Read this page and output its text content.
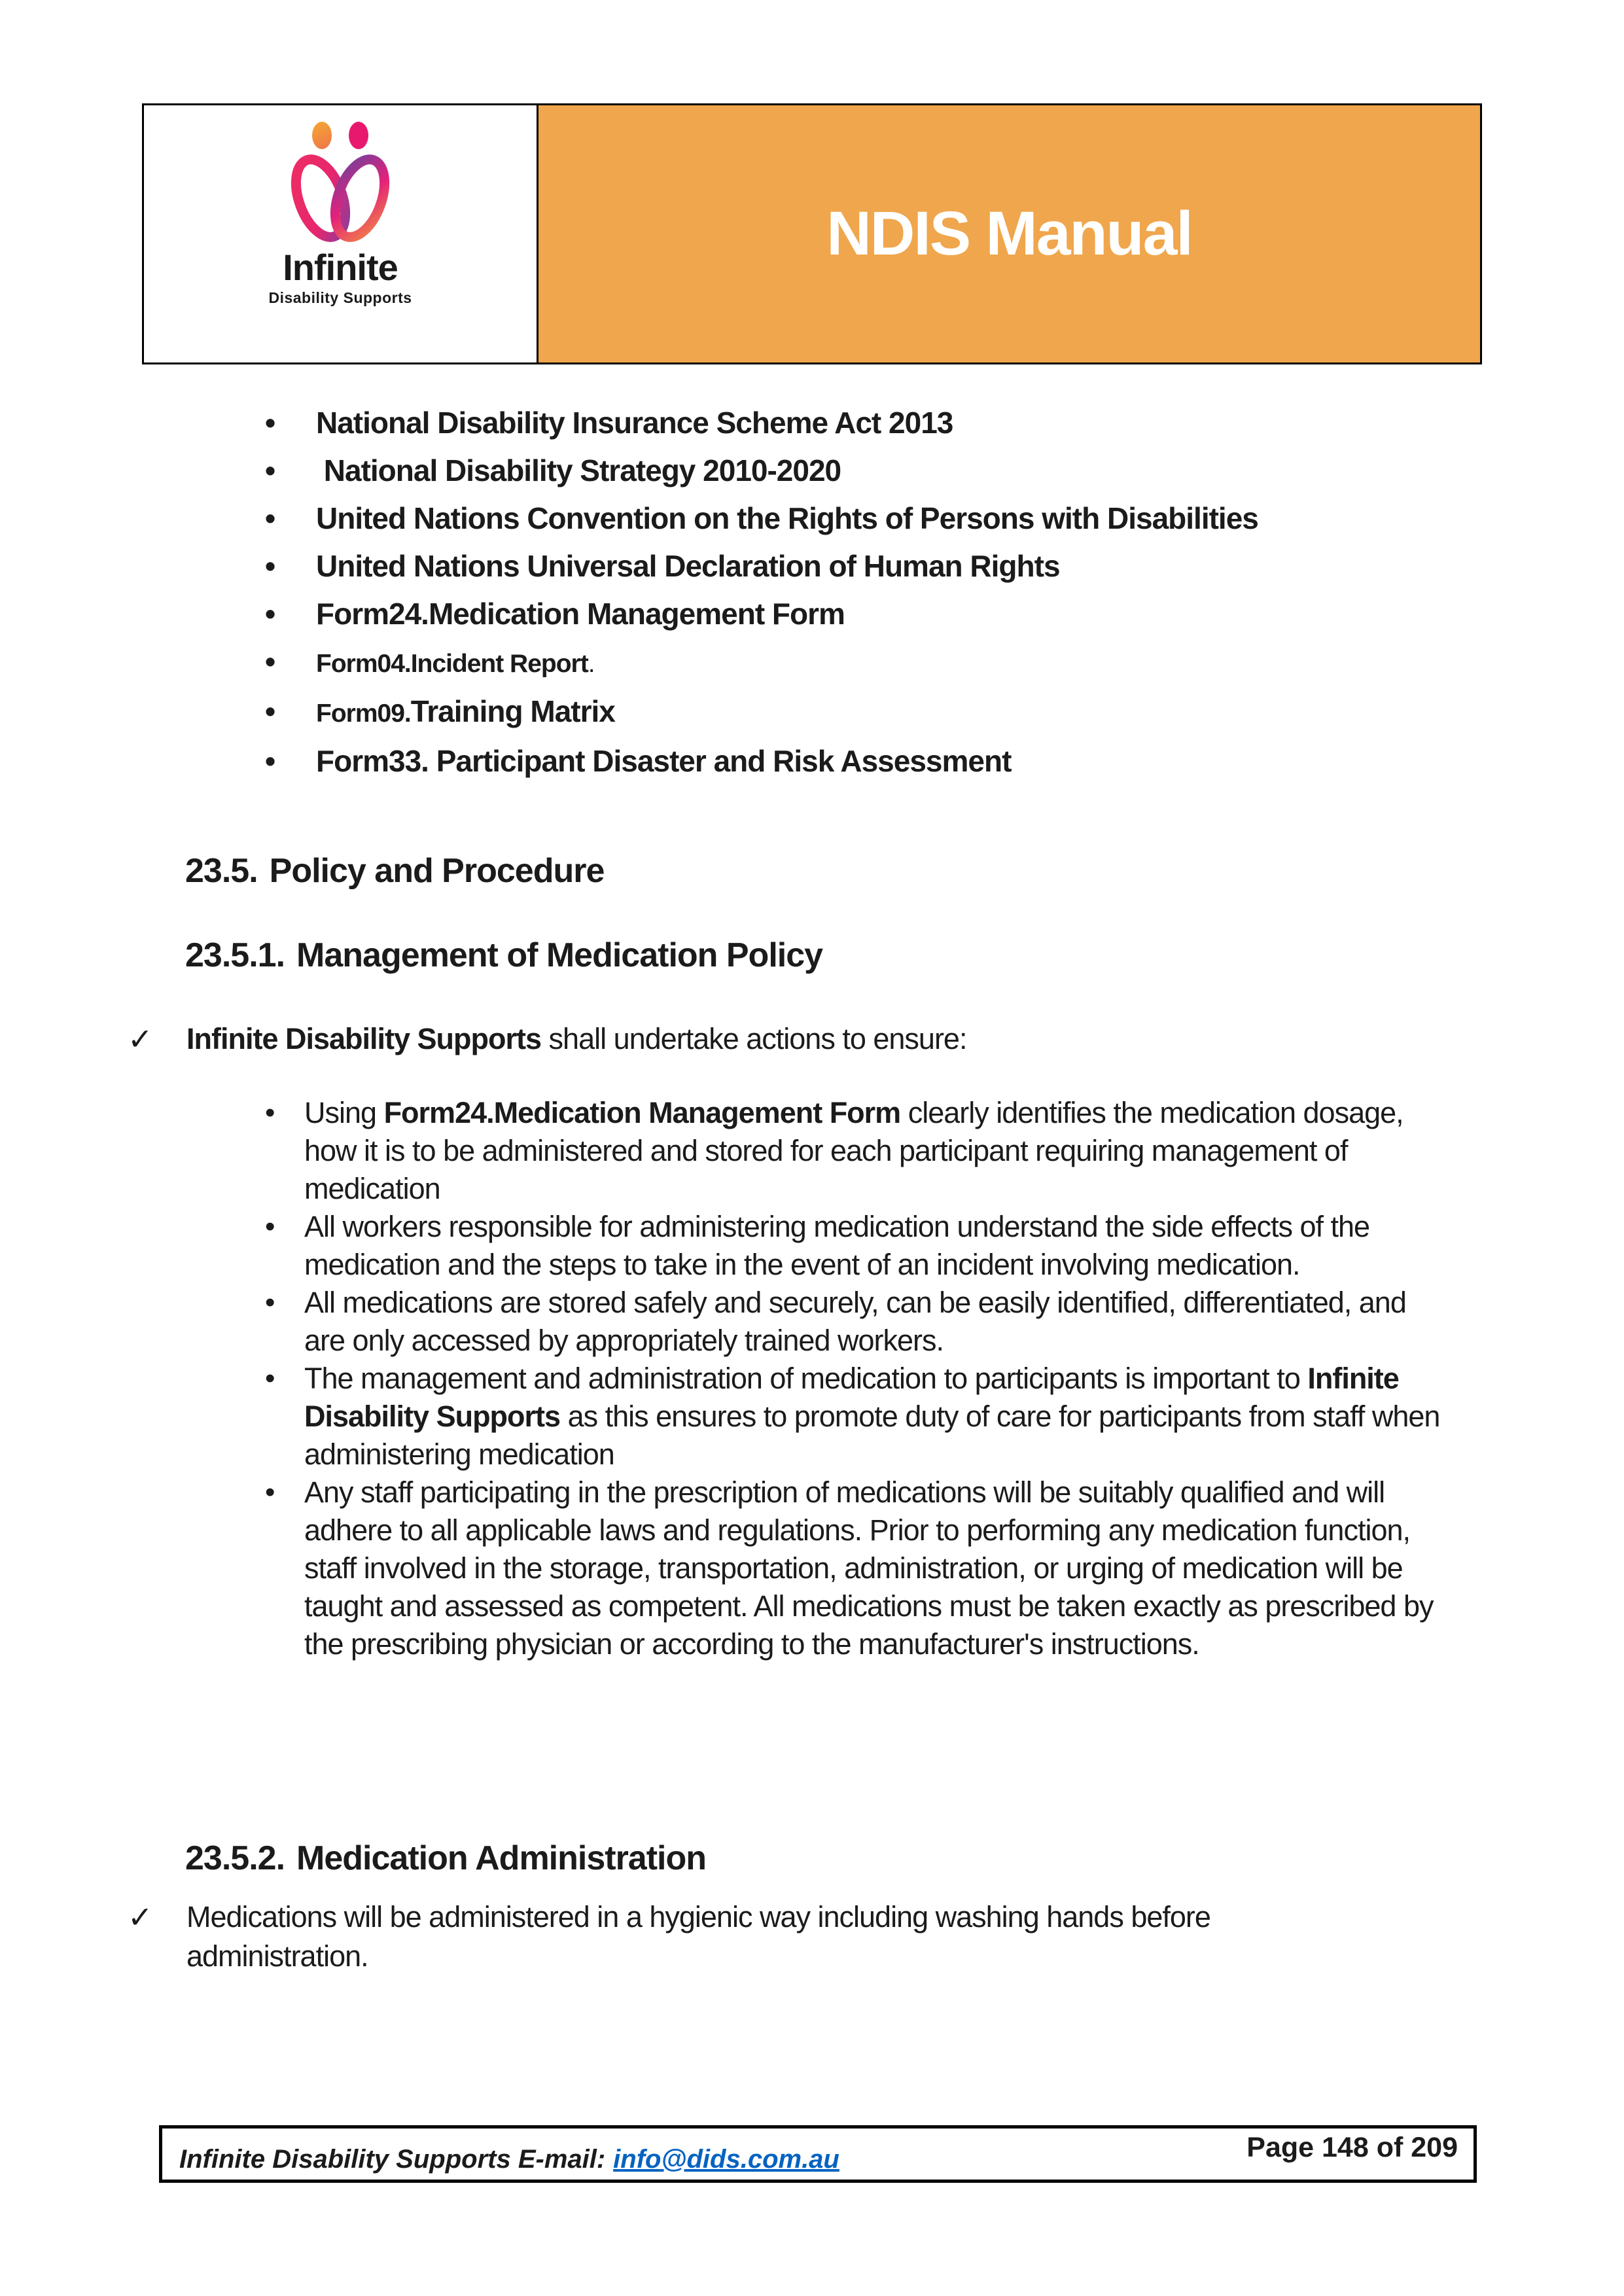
Infinite
Disability Supports
NDIS Manual
• National Disability Insurance Scheme Act 2013
•  National Disability Strategy 2010-2020
• United Nations Convention on the Rights of Persons with Disabilities
• United Nations Universal Declaration of Human Rights
• Form24.Medication Management Form
• Form04.Incident Report.
• Form09.Training Matrix
• Form33. Participant Disaster and Risk Assessment
23.5. Policy and Procedure
23.5.1. Management of Medication Policy
✓	Infinite Disability Supports shall undertake actions to ensure:
• Using Form24.Medication Management Form clearly identifies the medication dosage, how it is to be administered and stored for each participant requiring management of medication
• All workers responsible for administering medication understand the side effects of the medication and the steps to take in the event of an incident involving medication.
• All medications are stored safely and securely, can be easily identified, differentiated, and are only accessed by appropriately trained workers.
• The management and administration of medication to participants is important to Infinite Disability Supports as this ensures to promote duty of care for participants from staff when administering medication
• Any staff participating in the prescription of medications will be suitably qualified and will adhere to all applicable laws and regulations. Prior to performing any medication function, staff involved in the storage, transportation, administration, or urging of medication will be taught and assessed as competent. All medications must be taken exactly as prescribed by the prescribing physician or according to the manufacturer's instructions.
23.5.2. Medication Administration
✓	Medications will be administered in a hygienic way including washing hands before administration.
Infinite Disability Supports E-mail: info@dids.com.au	Page 148 of 209
